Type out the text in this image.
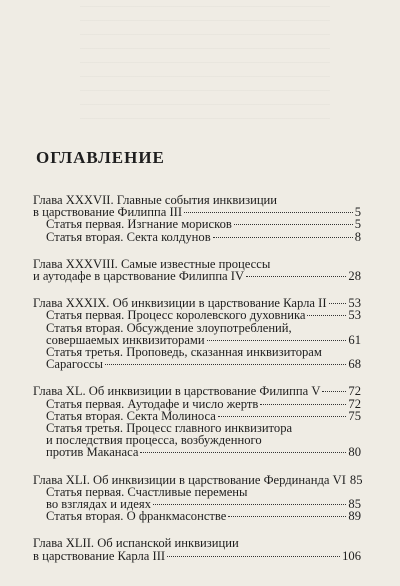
ОГЛАВЛЕНИЕ
Глава XXXVII. Главные события инквизиции
в царствование Филиппа III	5
Статья первая. Изгнание морисков	5
Статья вторая. Секта колдунов	8
Глава XXXVIII. Самые известные процессы
и аутодафе в царствование Филиппа IV	28
Глава XXXIX. Об инквизиции в царствование Карла II 53
Статья первая. Процесс королевского духовника	53
Статья вторая. Обсуждение злоупотреблений,
совершаемых инквизиторами	61
Статья третья. Проповедь, сказанная инквизиторам
Сарагоссы	68
Глава XL. Об инквизиции в царствование Филиппа V 72
Статья первая. Аутодафе и число жертв	72
Статья вторая. Секта Молиноса	75
Статья третья. Процесс главного инквизитора
и последствия процесса, возбужденного
против Маканаса	80
Глава XLI. Об инквизиции в царствование Фердинанда VI 85
Статья первая. Счастливые перемены
во взглядах и идеях	85
Статья вторая. О франкмасонстве	89
Глава XLII. Об испанской инквизиции
в царствование Карла III	106
